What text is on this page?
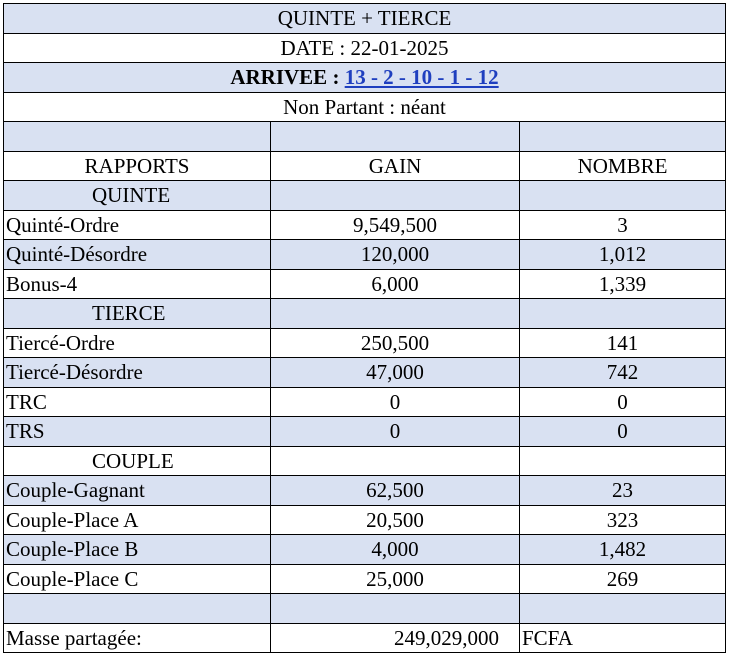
QUINTE + TIERCE		
DATE : 22-01-2025		
ARRIVEE : 13 - 2 - 10 - 1 - 12		
Non Partant : néant		

RAPPORTS	GAIN	NOMBRE
QUINTE		
Quinté-Ordre	9,549,500	3
Quinté-Désordre	120,000	1,012
Bonus-4	6,000	1,339
TIERCE		
Tiercé-Ordre	250,500	141
Tiercé-Désordre	47,000	742
TRC	0	0
TRS	0	0
COUPLE		
Couple-Gagnant	62,500	23
Couple-Place A	20,500	323
Couple-Place B	4,000	1,482
Couple-Place C	25,000	269

Masse partagée:	249,029,000	FCFA
